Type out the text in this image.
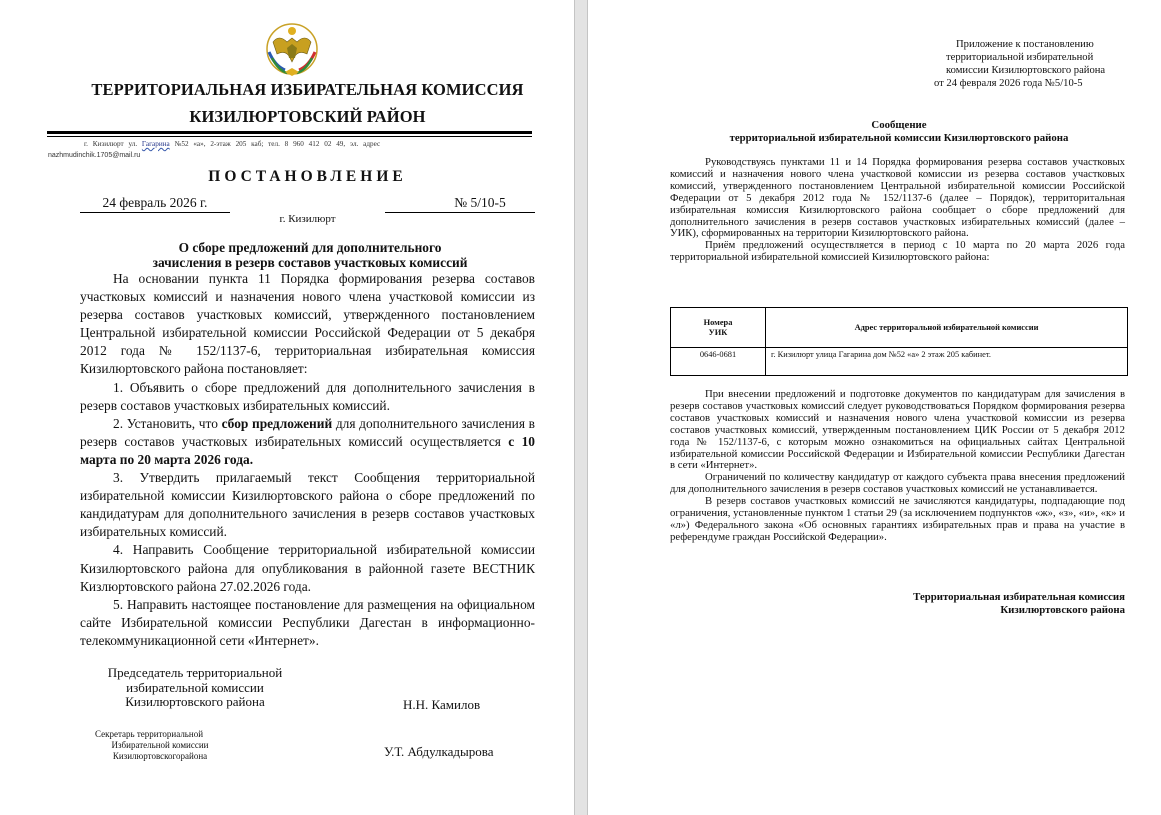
ТЕРРИТОРИАЛЬНАЯ ИЗБИРАТЕЛЬНАЯ КОМИССИЯ
КИЗИЛЮРТОВСКИЙ РАЙОН
г. Кизилюрт ул. Гагарина №52 «а», 2-этаж 205 каб; тел. 8 960 412 02 49, эл. адрес
nazhmudinchik.1705@mail.ru
ПОСТАНОВЛЕНИЕ
24 февраль 2026 г.	№ 5/10-5
г. Кизилюрт
О сборе предложений для дополнительного
зачисления в резерв составов участковых комиссий

На основании пункта 11 Порядка формирования резерва составов участковых комиссий и назначения нового члена участковой комиссии из резерва составов участковых комиссий, утвержденного постановлением Центральной избирательной комиссии Российской Федерации от 5 декабря 2012 года № 152/1137-6, территориальная избирательная комиссия Кизилюртовского района постановляет:

1. Объявить о сборе предложений для дополнительного зачисления в резерв составов участковых избирательных комиссий.

2. Установить, что сбор предложений для дополнительного зачисления в резерв составов участковых избирательных комиссий осуществляется с 10 марта по 20 марта 2026 года.

3. Утвердить прилагаемый текст Сообщения территориальной избирательной комиссии Кизилюртовского района о сборе предложений по кандидатурам для дополнительного зачисления в резерв составов участковых избирательных комиссий.

4. Направить Сообщение территориальной избирательной комиссии Кизилюртовского района для опубликования в районной газете ВЕСТНИК Кизлюртовского района 27.02.2026 года.

5. Направить настоящее постановление для размещения на официальном сайте Избирательной комиссии Республики Дагестан в информационно-телекоммуникационной сети «Интернет».

Председатель территориальной
избирательной комиссии
Кизилюртовского района	Н.Н. Камилов
Секретарь территориальной
Избирательной комиссии
Кизилюртовскогорайона	У.Т. Абдулкадырова
Приложение к постановлению
территориальной избирательной
комиссии Кизилюртовского района
от 24 февраля 2026 года №5/10-5
Сообщение
территориальной избирательной комиссии Кизилюртовского района

Руководствуясь пунктами 11 и 14 Порядка формирования резерва составов участковых комиссий и назначения нового члена участковой комиссии из резерва составов участковых комиссий, утвержденного постановлением Центральной избирательной комиссии Российской Федерации от 5 декабря 2012 года № 152/1137-6 (далее – Порядок), территоритальная избирательная комиссия Кизилюртовского района сообщает о сборе предложений для дополнительного зачисления в резерв составов участковых избирательных комиссий (далее – УИК), сформированных на территории Кизилюртовского района.

Приём предложений осуществляется в период с 10 марта по 20 марта 2026 года территориальной избирательной комиссией Кизилюртовского района:

Номера УИК	Адрес территоральной избирательной комиссии
0646-0681	г. Кизилюрт улица Гагарина дом №52 «а» 2 этаж 205 кабинет.

При внесении предложений и подготовке документов по кандидатурам для зачисления в резерв составов участковых комиссий следует руководствоваться Порядком формирования резерва составов участковых комиссий и назначения нового члена участковой комиссии из резерва составов участковых комиссий, утвержденным постановлением ЦИК России от 5 декабря 2012 года № 152/1137-6, с которым можно ознакомиться на официальных сайтах Центральной избирательной комиссии Российской Федерации и Избирательной комиссии Республики Дагестан в сети «Интернет».

Ограничений по количеству кандидатур от каждого субъекта права внесения предложений для дополнительного зачисления в резерв составов участковых комиссий не устанавливается.

В резерв составов участковых комиссий не зачисляются кандидатуры, подпадающие под ограничения, установленные пунктом 1 статьи 29 (за исключением подпунктов «ж», «з», «и», «к» и «л») Федерального закона «Об основных гарантиях избирательных прав и права на участие в референдуме граждан Российской Федерации».

Территориальная избирательная комиссия
Кизилюртовского района
